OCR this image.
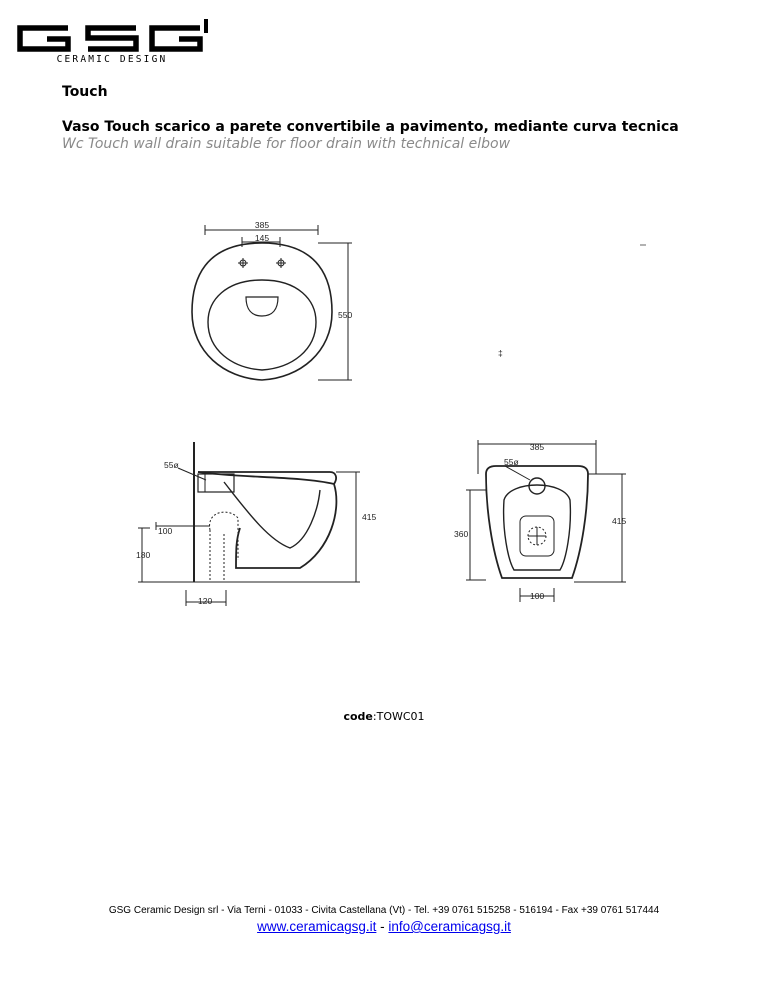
CERAMIC DESIGN
Touch
Vaso Touch scarico a parete convertibile a pavimento, mediante curva tecnica
Wc Touch wall drain suitable for floor drain with technical elbow
385
145
550
‡
55ø
415
100
180
120
385
55ø
360
415
100
code:TOWC01
GSG Ceramic Design srl - Via Terni - 01033 - Civita Castellana (Vt) - Tel. +39 0761 515258 - 516194 - Fax +39 0761 517444
www.ceramicagsg.it - info@ceramicagsg.it
